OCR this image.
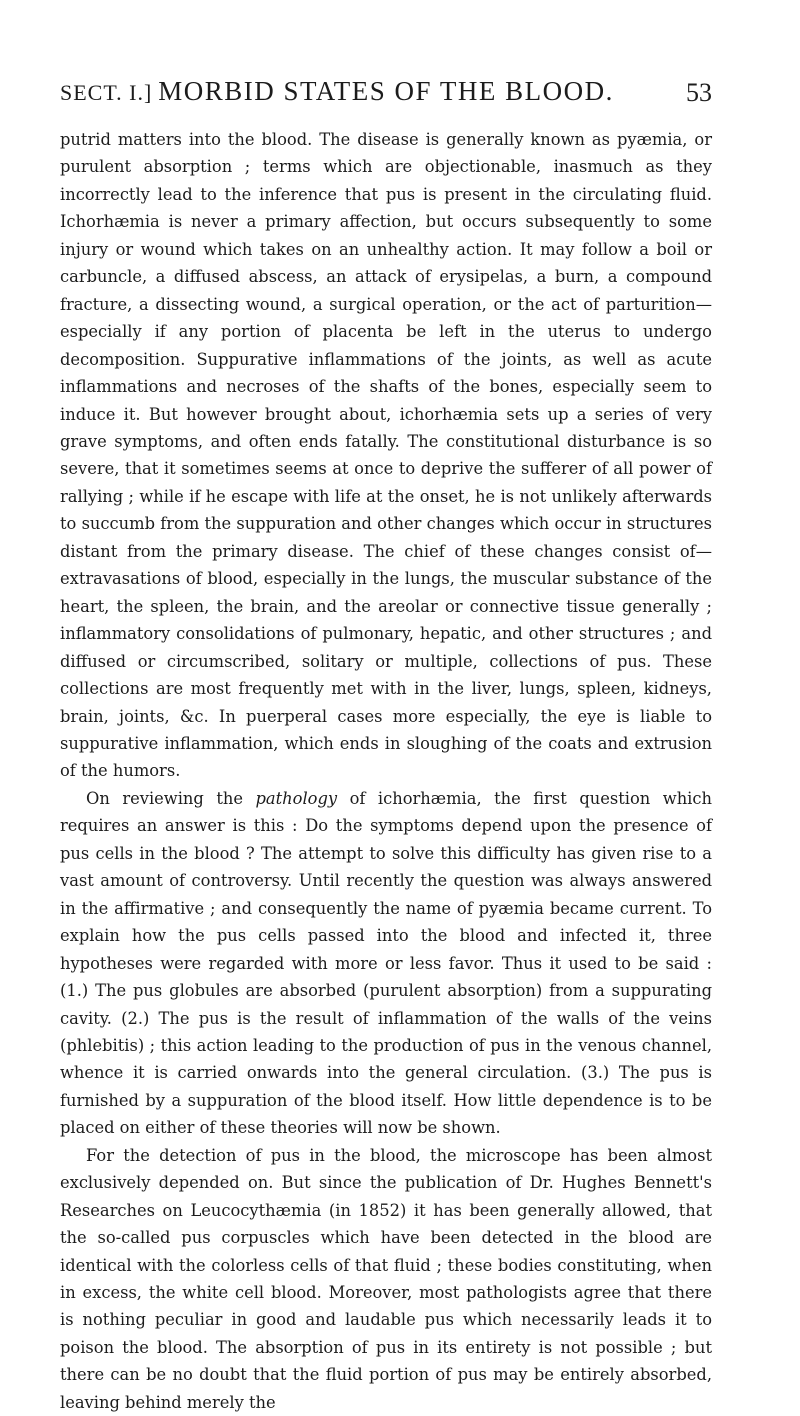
SECT. I.] MORBID STATES OF THE BLOOD.	53

putrid matters into the blood. The disease is generally known as pyæmia, or purulent absorption ; terms which are objectionable, inasmuch as they incorrectly lead to the inference that pus is present in the circulating fluid. Ichorhæmia is never a primary affection, but occurs subsequently to some injury or wound which takes on an unhealthy action. It may follow a boil or carbuncle, a diffused abscess, an attack of erysipelas, a burn, a compound fracture, a dissecting wound, a surgical operation, or the act of parturition—especially if any portion of placenta be left in the uterus to undergo decomposition. Suppurative inflammations of the joints, as well as acute inflammations and necroses of the shafts of the bones, especially seem to induce it. But however brought about, ichorhæmia sets up a series of very grave symptoms, and often ends fatally. The constitutional disturbance is so severe, that it sometimes seems at once to deprive the sufferer of all power of rallying ; while if he escape with life at the onset, he is not unlikely afterwards to succumb from the suppuration and other changes which occur in structures distant from the primary disease. The chief of these changes consist of—extravasations of blood, especially in the lungs, the muscular substance of the heart, the spleen, the brain, and the areolar or connective tissue generally ; inflammatory consolidations of pulmonary, hepatic, and other structures ; and diffused or circumscribed, solitary or multiple, collections of pus. These collections are most frequently met with in the liver, lungs, spleen, kidneys, brain, joints, &c. In puerperal cases more especially, the eye is liable to suppurative inflammation, which ends in sloughing of the coats and extrusion of the humors.

On reviewing the pathology of ichorhæmia, the first question which requires an answer is this : Do the symptoms depend upon the presence of pus cells in the blood ? The attempt to solve this difficulty has given rise to a vast amount of controversy. Until recently the question was always answered in the affirmative ; and consequently the name of pyæmia became current. To explain how the pus cells passed into the blood and infected it, three hypotheses were regarded with more or less favor. Thus it used to be said : (1.) The pus globules are absorbed (purulent absorption) from a suppurating cavity. (2.) The pus is the result of inflammation of the walls of the veins (phlebitis) ; this action leading to the production of pus in the venous channel, whence it is carried onwards into the general circulation. (3.) The pus is furnished by a suppuration of the blood itself. How little dependence is to be placed on either of these theories will now be shown.

For the detection of pus in the blood, the microscope has been almost exclusively depended on. But since the publication of Dr. Hughes Bennett's Researches on Leucocythæmia (in 1852) it has been generally allowed, that the so-called pus corpuscles which have been detected in the blood are identical with the colorless cells of that fluid ; these bodies constituting, when in excess, the white cell blood. Moreover, most pathologists agree that there is nothing peculiar in good and laudable pus which necessarily leads it to poison the blood. The absorption of pus in its entirety is not possible ; but there can be no doubt that the fluid portion of pus may be entirely absorbed, leaving behind merely the
